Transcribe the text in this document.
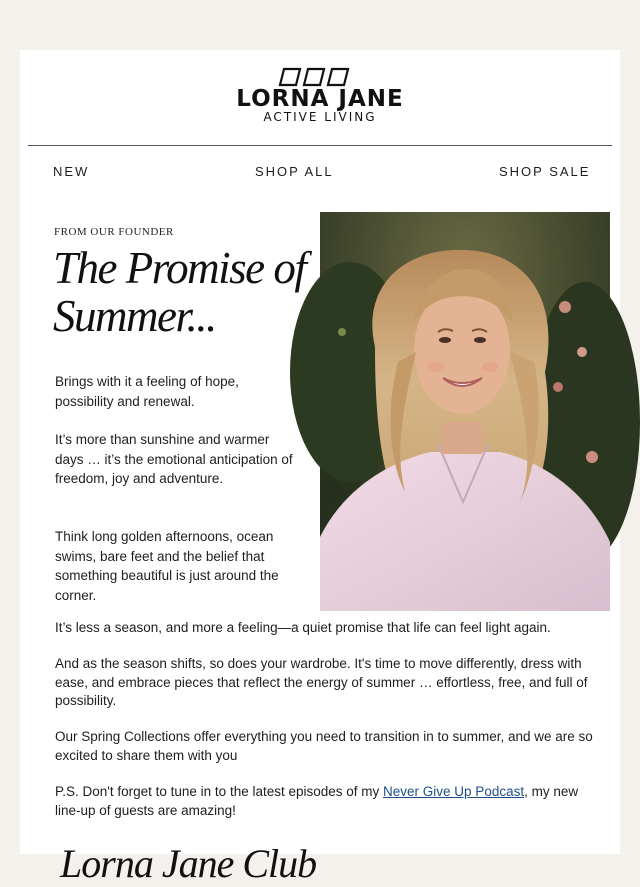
LORNA JANE
ACTIVE LIVING
NEW	SHOP ALL	SHOP SALE
FROM OUR FOUNDER
The Promise of Summer...

Brings with it a feeling of hope, possibility and renewal.

It’s more than sunshine and warmer days … it’s the emotional anticipation of freedom, joy and adventure.

Think long golden afternoons, ocean swims, bare feet and the belief that something beautiful is just around the corner.

It’s less a season, and more a feeling—a quiet promise that life can feel light again.

And as the season shifts, so does your wardrobe. It's time to move differently, dress with ease, and embrace pieces that reflect the energy of summer … effortless, free, and full of possibility.

Our Spring Collections offer everything you need to transition in to summer, and we are so excited to share them with you

P.S. Don't forget to tune in to the latest episodes of my Never Give Up Podcast, my new line-up of guests are amazing!

Lorna Jane Club
